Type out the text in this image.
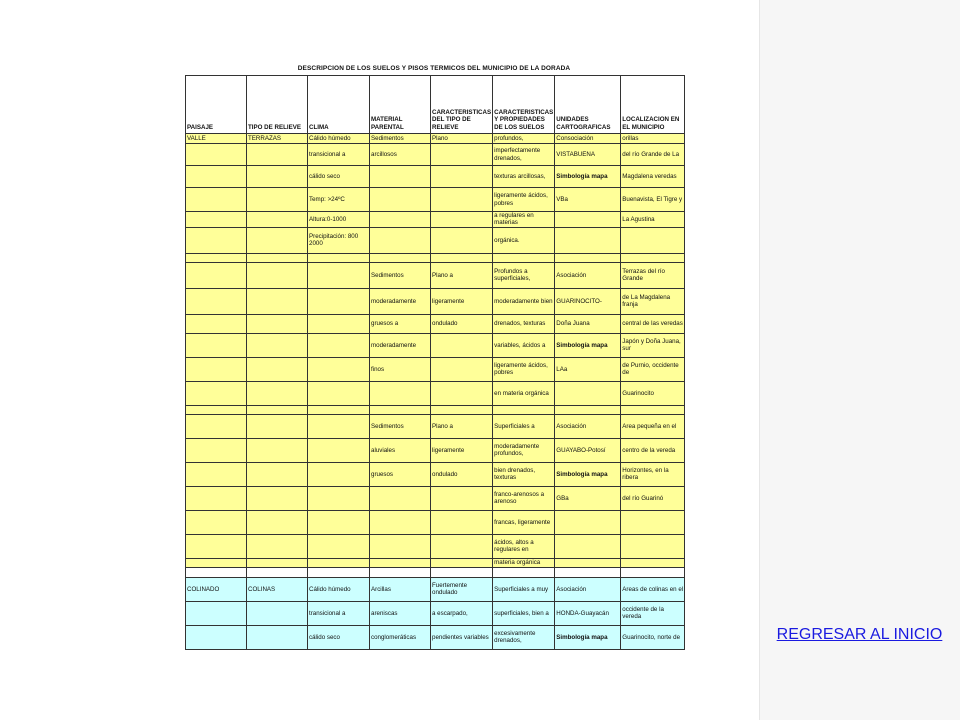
DESCRIPCION DE LOS SUELOS Y PISOS TERMICOS DEL MUNICIPIO DE LA DORADA
PAISAJE	TIPO DE RELIEVE	CLIMA	MATERIAL PARENTAL	CARACTERISTICAS DEL TIPO DE RELIEVE	CARACTERISTICAS Y PROPIEDADES DE LOS SUELOS	UNIDADES CARTOGRAFICAS	LOCALIZACION EN EL MUNICIPIO
VALLE	TERRAZAS	Cálido húmedo	Sedimentos	Plano	profundos,	Consociación	orillas
		transicional a	arcillosos		imperfectamente drenados,	VISTABUENA	del río Grande de La
		cálido seco			texturas arcillosas,	Simbología mapa	Magdalena veredas
		Temp: >24ºC			ligeramente ácidos, pobres	VBa	Buenavista, El Tigre y
		Altura:0-1000			a regulares en materias		La Agustina
		Precipitación: 800 2000			orgánica.		

			Sedimentos	Plano a	Profundos a superficiales,	Asociación	Terrazas del río Grande
			moderadamente	ligeramente	moderadamente bien	GUARINOCITO-	de La Magdalena franja
			gruesos a	ondulado	drenados, texturas	Doña Juana	central de las veredas
			moderadamente		variables, ácidos a	Simbología mapa	Japón y Doña Juana, sur
			finos		ligeramente ácidos, pobres	LAa	de Purnio, occidente de
					en materia orgánica		Guarinocito

			Sedimentos	Plano a	Superficiales a	Asociación	Area pequeña en el
			aluviales	ligeramente	moderadamente profundos,	GUAYABO-Potosí	centro de la vereda
			gruesos	ondulado	bien drenados, texturas	Simbología mapa	Horizontes, en la ribera
					franco-arenosos a arenoso	GBa	del río Guarinó
					francas, ligeramente		
					ácidos, altos a regulares en		
					materia orgánica		

COLINADO	COLINAS	Cálido húmedo	Arcillas	Fuertemente ondulado	Superficiales a muy	Asociación	Areas de colinas en el
		transicional a	areniscas	a escarpado,	superficiales, bien a	HONDA-Guayacán	occidente de la vereda
		cálido seco	conglomeráticas	pendientes variables	excesivamente drenados,	Simbología mapa	Guarinocito, norte de	REGRESAR AL INICIO
